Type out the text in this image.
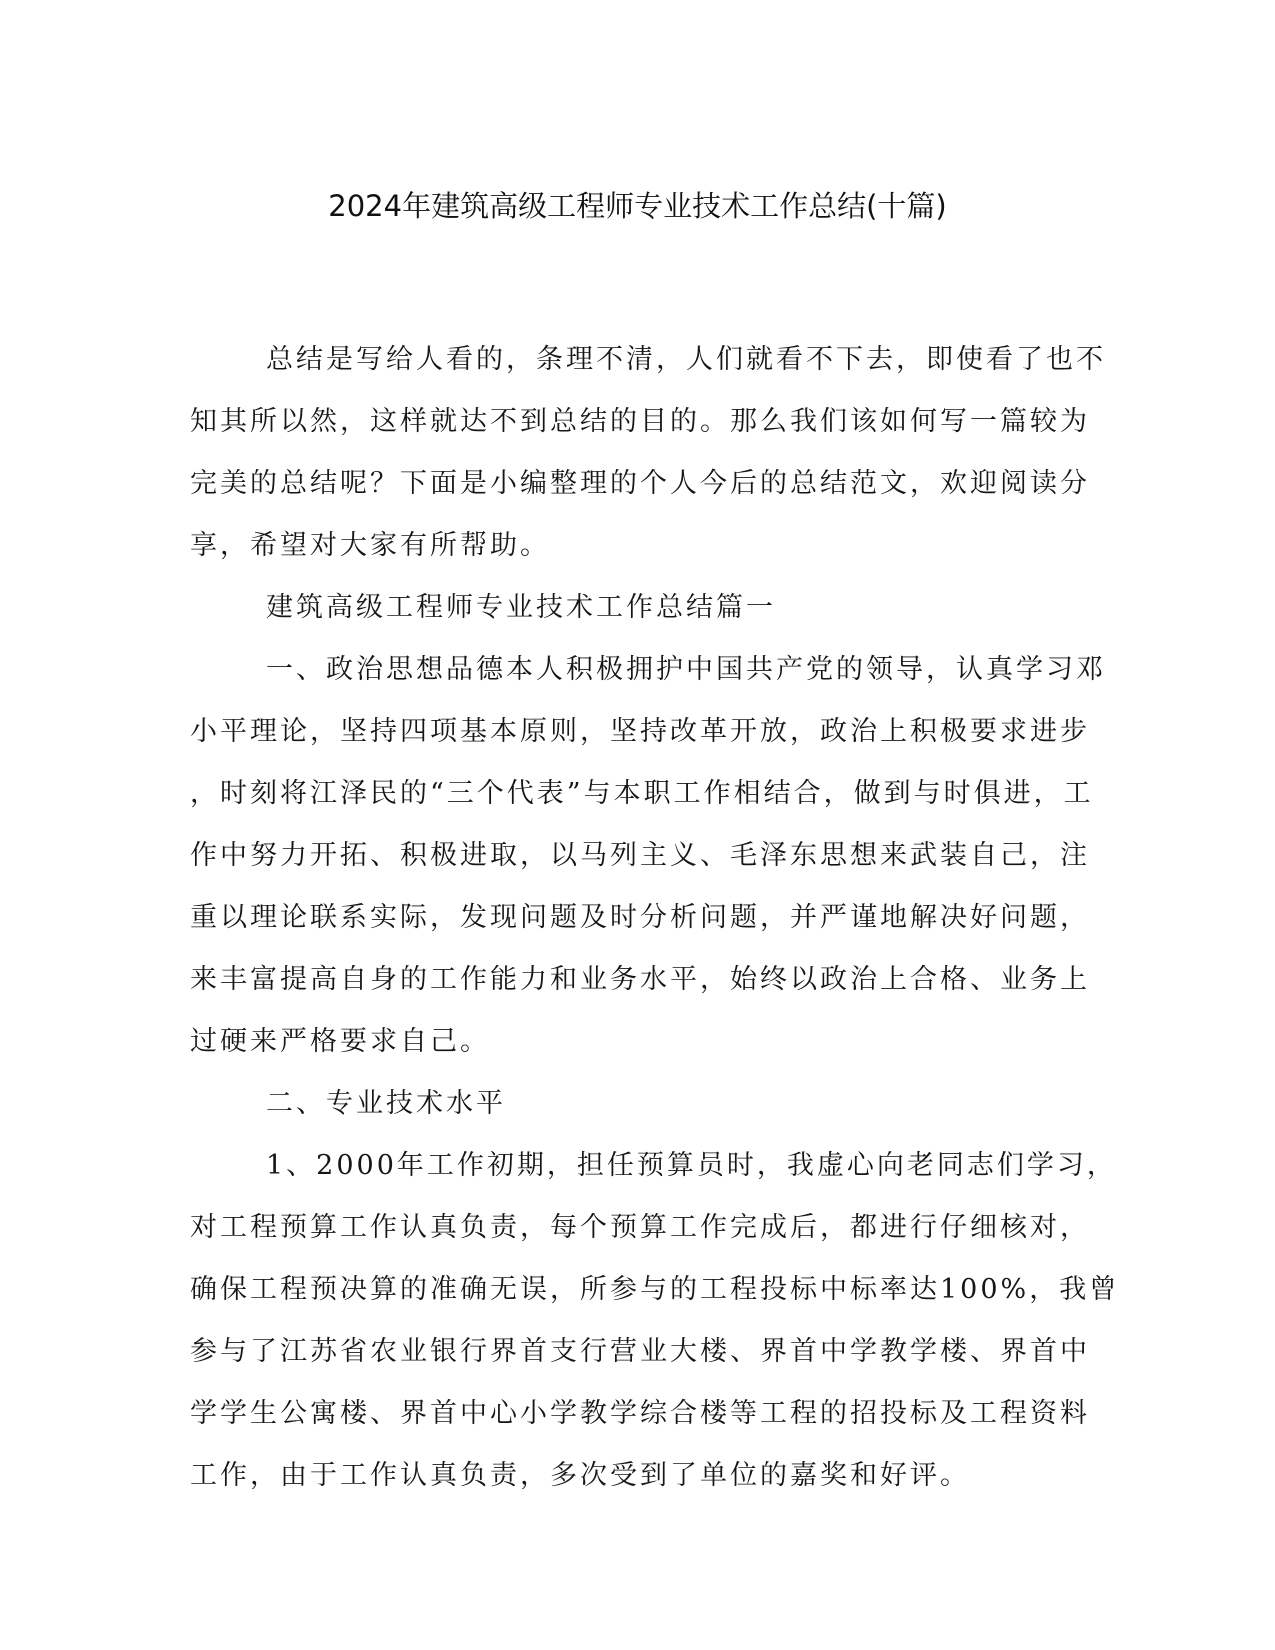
2024年建筑高级工程师专业技术工作总结(十篇)
总结是写给人看的，条理不清，人们就看不下去，即使看了也不
知其所以然，这样就达不到总结的目的。那么我们该如何写一篇较为
完美的总结呢？下面是小编整理的个人今后的总结范文，欢迎阅读分
享，希望对大家有所帮助。
建筑高级工程师专业技术工作总结篇一
一、政治思想品德本人积极拥护中国共产党的领导，认真学习邓
小平理论，坚持四项基本原则，坚持改革开放，政治上积极要求进步
，时刻将江泽民的“三个代表”与本职工作相结合，做到与时俱进，工
作中努力开拓、积极进取，以马列主义、毛泽东思想来武装自己，注
重以理论联系实际，发现问题及时分析问题，并严谨地解决好问题，
来丰富提高自身的工作能力和业务水平，始终以政治上合格、业务上
过硬来严格要求自己。
二、专业技术水平
1、2000年工作初期，担任预算员时，我虚心向老同志们学习，
对工程预算工作认真负责，每个预算工作完成后，都进行仔细核对，
确保工程预决算的准确无误，所参与的工程投标中标率达100%，我曾
参与了江苏省农业银行界首支行营业大楼、界首中学教学楼、界首中
学学生公寓楼、界首中心小学教学综合楼等工程的招投标及工程资料
工作，由于工作认真负责，多次受到了单位的嘉奖和好评。
